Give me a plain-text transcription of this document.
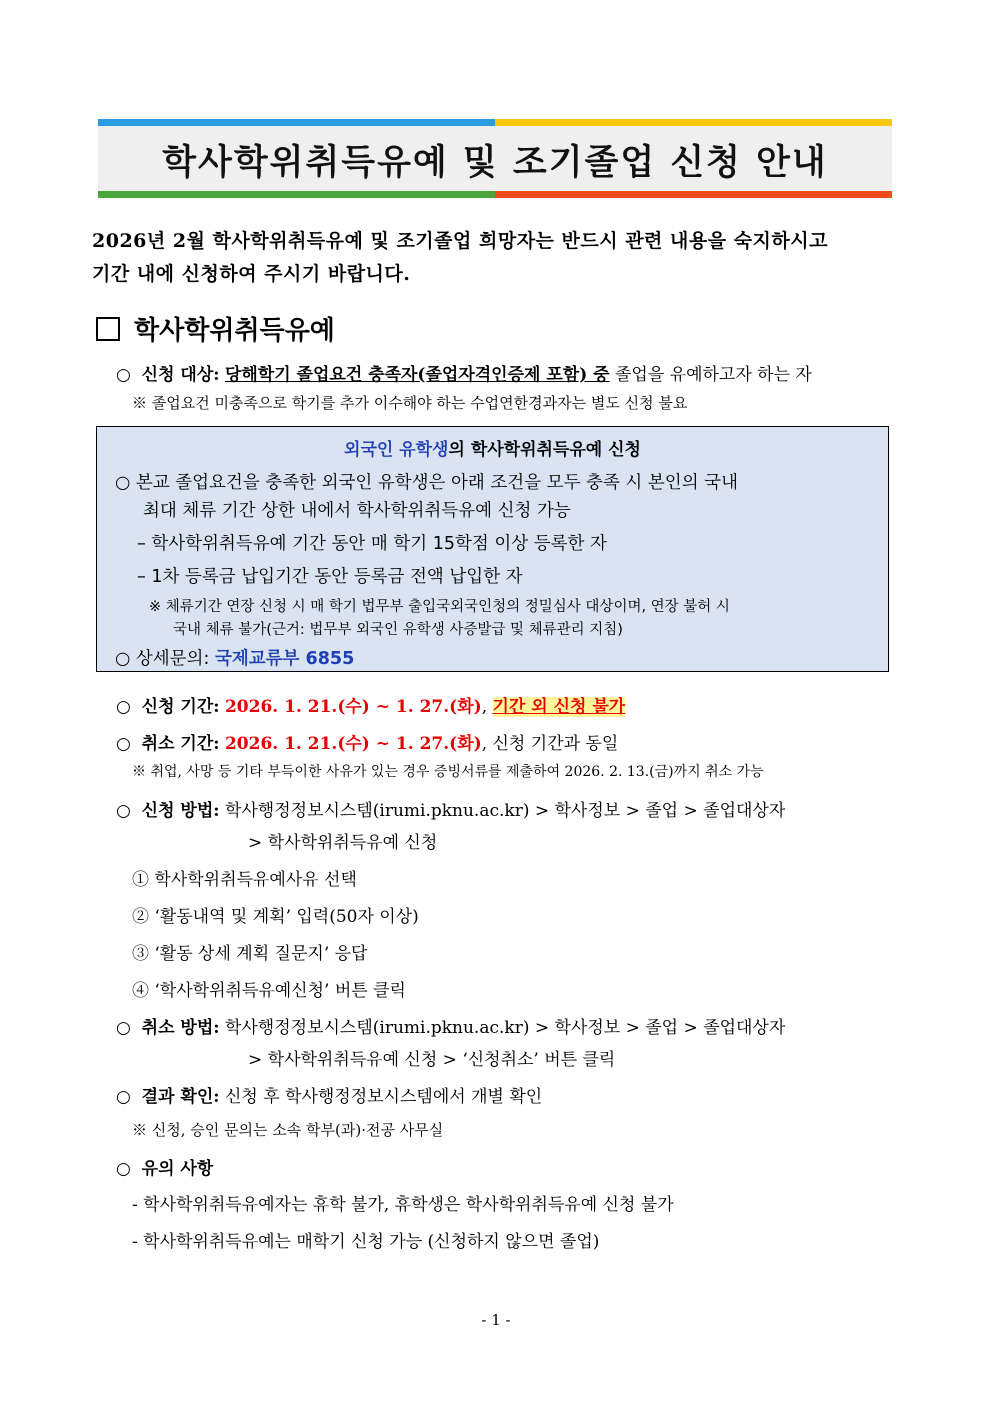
학사학위취득유예 및 조기졸업 신청 안내
2026년 2월 학사학위취득유예 및 조기졸업 희망자는 반드시 관련 내용을 숙지하시고
기간 내에 신청하여 주시기 바랍니다.
학사학위취득유예
○ 신청 대상: 당해학기 졸업요건 충족자(졸업자격인증제 포함) 중 졸업을 유예하고자 하는 자
※ 졸업요건 미충족으로 학기를 추가 이수해야 하는 수업연한경과자는 별도 신청 불요
외국인 유학생의 학사학위취득유예 신청
○ 본교 졸업요건을 충족한 외국인 유학생은 아래 조건을 모두 충족 시 본인의 국내
최대 체류 기간 상한 내에서 학사학위취득유예 신청 가능
– 학사학위취득유예 기간 동안 매 학기 15학점 이상 등록한 자
– 1차 등록금 납입기간 동안 등록금 전액 납입한 자
※ 체류기간 연장 신청 시 매 학기 법무부 출입국외국인청의 정밀심사 대상이며, 연장 불허 시
국내 체류 불가(근거: 법무부 외국인 유학생 사증발급 및 체류관리 지침)
○ 상세문의: 국제교류부 6855
○ 신청 기간: 2026. 1. 21.(수) ~ 1. 27.(화), 기간 외 신청 불가
○ 취소 기간: 2026. 1. 21.(수) ~ 1. 27.(화), 신청 기간과 동일
※ 취업, 사망 등 기타 부득이한 사유가 있는 경우 증빙서류를 제출하여 2026. 2. 13.(금)까지 취소 가능
○ 신청 방법: 학사행정정보시스템(irumi.pknu.ac.kr) > 학사정보 > 졸업 > 졸업대상자
> 학사학위취득유예 신청
① 학사학위취득유예사유 선택
② ‘활동내역 및 계획’ 입력(50자 이상)
③ ‘활동 상세 계획 질문지’ 응답
④ ‘학사학위취득유예신청’ 버튼 클릭
○ 취소 방법: 학사행정정보시스템(irumi.pknu.ac.kr) > 학사정보 > 졸업 > 졸업대상자
> 학사학위취득유예 신청 > ‘신청취소’ 버튼 클릭
○ 결과 확인: 신청 후 학사행정정보시스템에서 개별 확인
※ 신청, 승인 문의는 소속 학부(과)·전공 사무실
○ 유의 사항
- 학사학위취득유예자는 휴학 불가, 휴학생은 학사학위취득유예 신청 불가
- 학사학위취득유예는 매학기 신청 가능 (신청하지 않으면 졸업)
- 1 -
